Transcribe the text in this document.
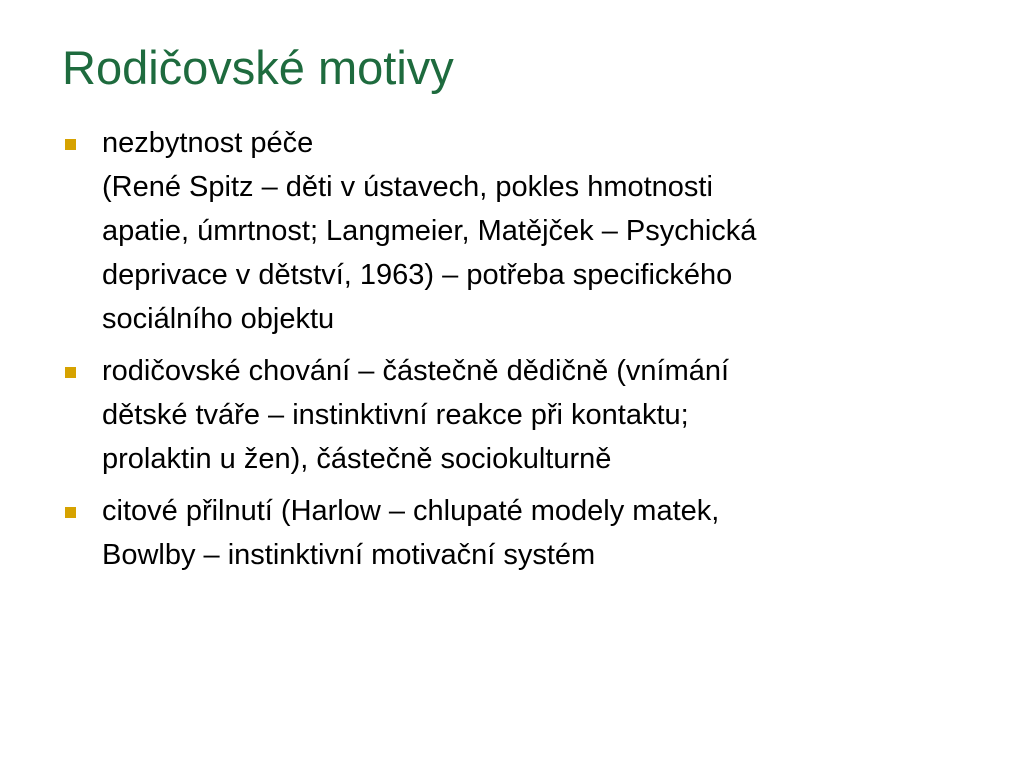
Rodičovské motivy
nezbytnost péče
(René Spitz – děti v ústavech, pokles hmotnosti
apatie, úmrtnost; Langmeier, Matějček – Psychická
deprivace v dětství, 1963) – potřeba specifického
sociálního objektu
rodičovské chování – částečně dědičně (vnímání
dětské tváře – instinktivní reakce při kontaktu;
prolaktin u žen), částečně sociokulturně
citové přilnutí (Harlow – chlupaté modely matek,
Bowlby – instinktivní motivační systém
